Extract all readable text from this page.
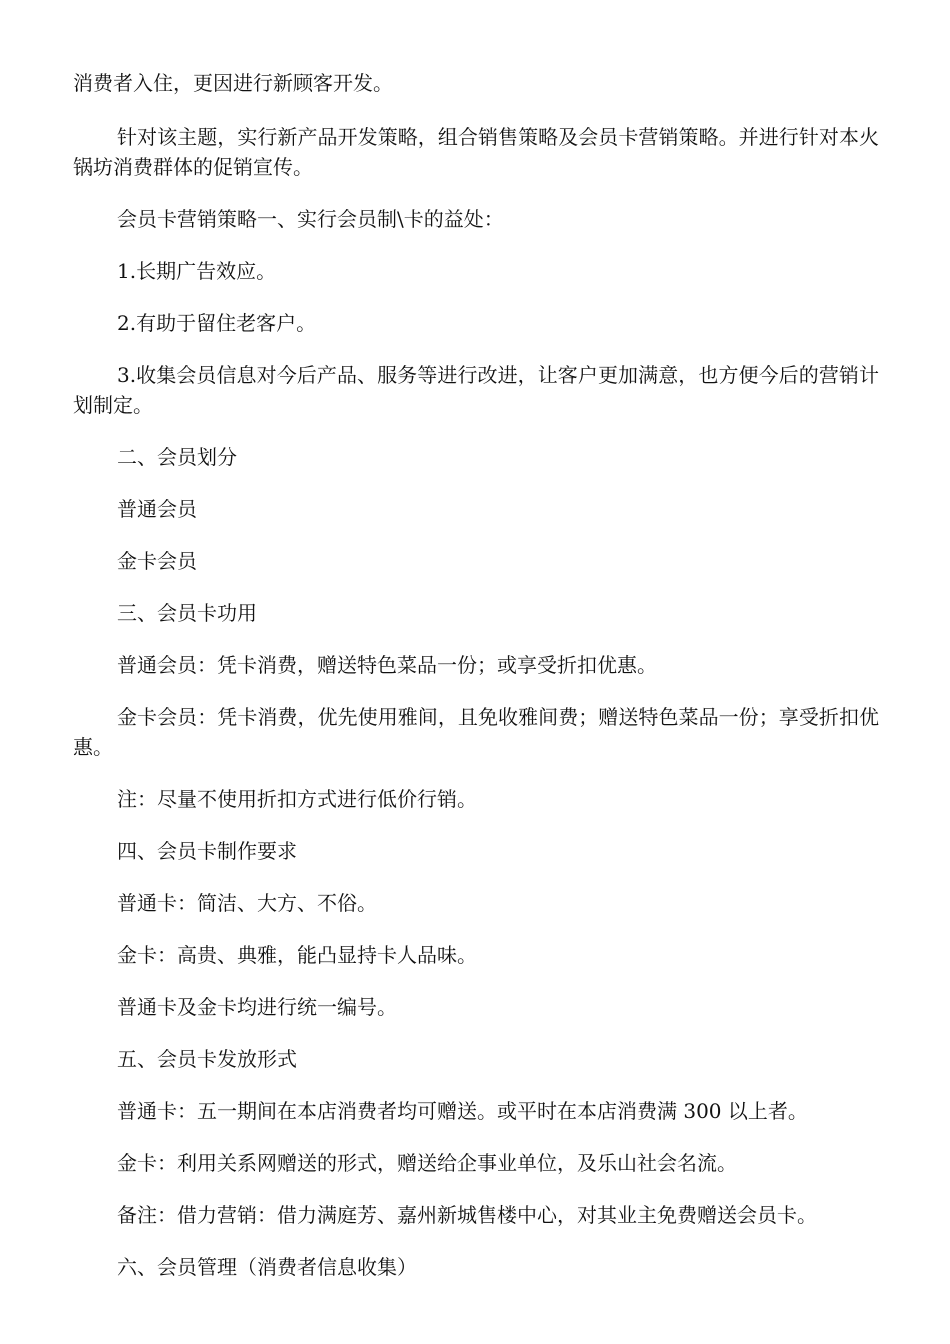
消费者入住，更因进行新顾客开发。

针对该主题，实行新产品开发策略，组合销售策略及会员卡营销策略。并进行针对本火锅坊消费群体的促销宣传。

会员卡营销策略一、实行会员制\卡的益处：

1.长期广告效应。

2.有助于留住老客户。

3.收集会员信息对今后产品、服务等进行改进，让客户更加满意，也方便今后的营销计划制定。

二、会员划分

普通会员

金卡会员

三、会员卡功用

普通会员：凭卡消费，赠送特色菜品一份；或享受折扣优惠。

金卡会员：凭卡消费，优先使用雅间，且免收雅间费；赠送特色菜品一份；享受折扣优惠。

注：尽量不使用折扣方式进行低价行销。

四、会员卡制作要求

普通卡：简洁、大方、不俗。

金卡：高贵、典雅，能凸显持卡人品味。

普通卡及金卡均进行统一编号。

五、会员卡发放形式

普通卡：五一期间在本店消费者均可赠送。或平时在本店消费满 300 以上者。

金卡：利用关系网赠送的形式，赠送给企事业单位，及乐山社会名流。

备注：借力营销：借力满庭芳、嘉州新城售楼中心，对其业主免费赠送会员卡。

六、会员管理（消费者信息收集）
